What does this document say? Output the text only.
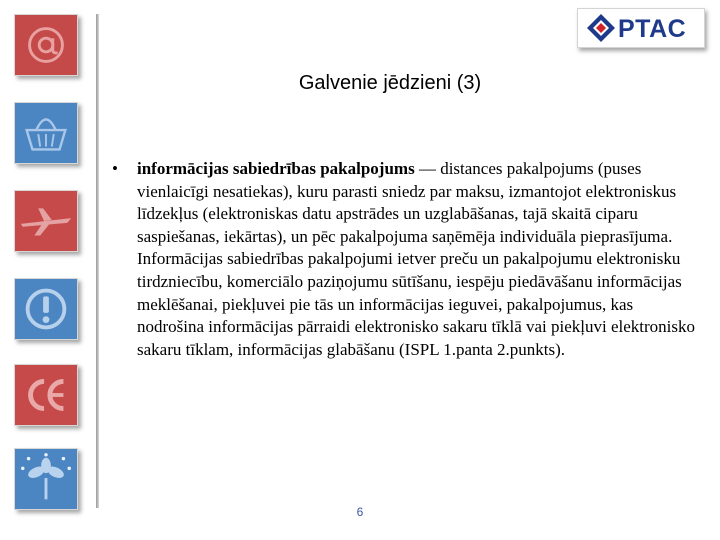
PTAC
Galvenie jēdzieni (3)
•	informācijas sabiedrības pakalpojums — distances pakalpojums (puses vienlaicīgi nesatiekas), kuru parasti sniedz par maksu, izmantojot elektroniskus līdzekļus (elektroniskas datu apstrādes un uzglabāšanas, tajā skaitā ciparu saspiešanas, iekārtas), un pēc pakalpojuma saņēmēja individuāla pieprasījuma. Informācijas sabiedrības pakalpojumi ietver preču un pakalpojumu elektronisku tirdzniecību, komerciālo paziņojumu sūtīšanu, iespēju piedāvāšanu informācijas meklēšanai, piekļuvei pie tās un informācijas ieguvei, pakalpojumus, kas nodrošina informācijas pārraidi elektronisko sakaru tīklā vai piekļuvi elektronisko sakaru tīklam, informācijas glabāšanu (ISPL 1.panta 2.punkts).
6
